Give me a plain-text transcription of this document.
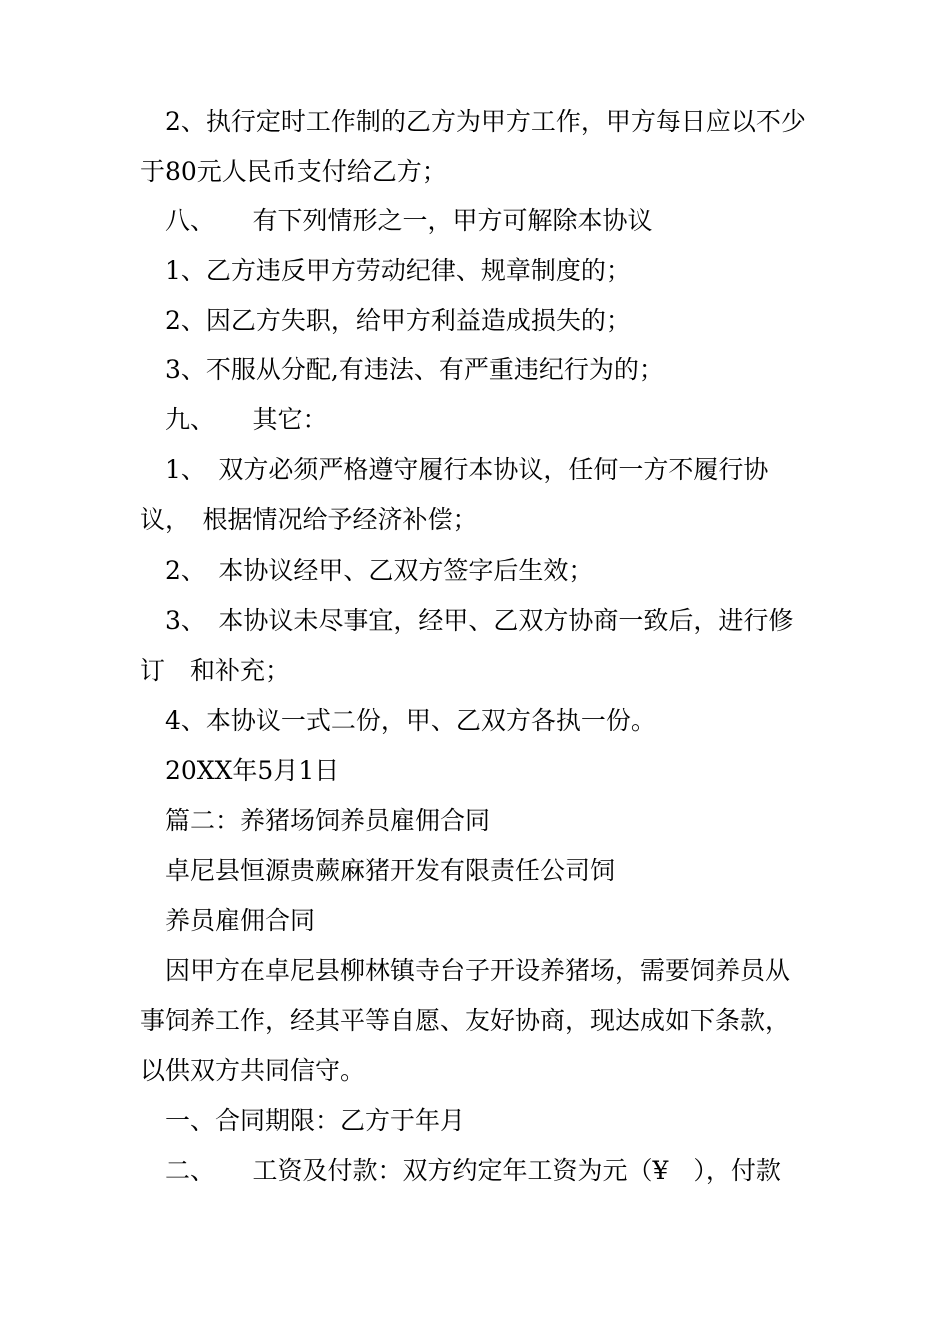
2、执行定时工作制的乙方为甲方工作，甲方每日应以不少

于80元人民币支付给乙方；

八、　　有下列情形之一，甲方可解除本协议

1、乙方违反甲方劳动纪律、规章制度的；

2、因乙方失职，给甲方利益造成损失的；

3、不服从分配,有违法、有严重违纪行为的；

九、　　其它：

1、　双方必须严格遵守履行本协议，任何一方不履行协

议，　根据情况给予经济补偿；

2、　本协议经甲、乙双方签字后生效；

3、　本协议未尽事宜，经甲、乙双方协商一致后，进行修

订　和补充；

4、本协议一式二份，甲、乙双方各执一份。

20XX年5月1日

篇二：养猪场饲养员雇佣合同

卓尼县恒源贵蕨麻猪开发有限责任公司饲

养员雇佣合同

因甲方在卓尼县柳林镇寺台子开设养猪场，需要饲养员从

事饲养工作，经其平等自愿、友好协商，现达成如下条款，

以供双方共同信守。

一、合同期限：乙方于年月

二、　　工资及付款：双方约定年工资为元（¥　），付款
